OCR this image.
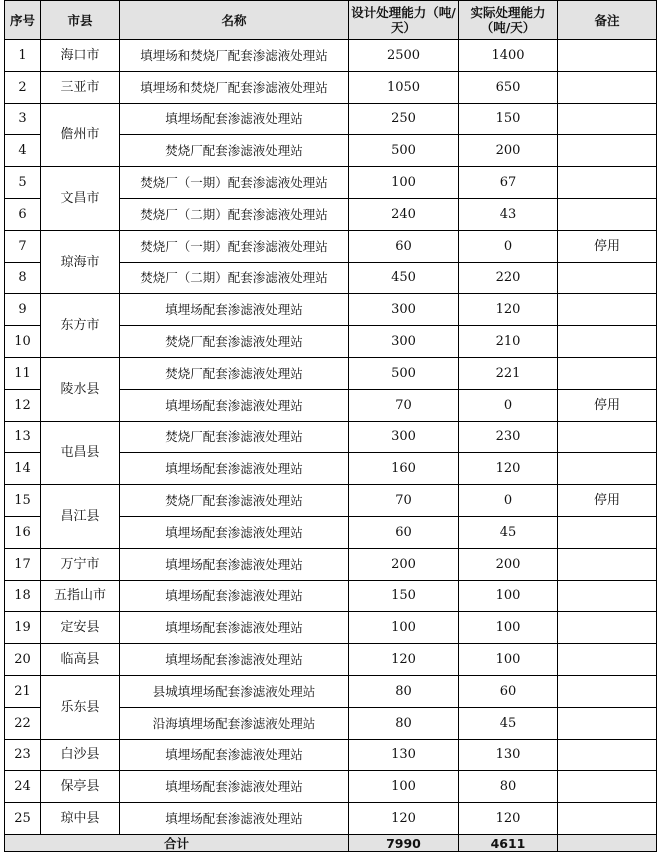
序号	市县	名称	设计处理能力（吨/天）	实际处理能力（吨/天）	备注
1	海口市	填埋场和焚烧厂配套渗滤液处理站	2500	1400	
2	三亚市	填埋场和焚烧厂配套渗滤液处理站	1050	650	
3	儋州市	填埋场配套渗滤液处理站	250	150	
4		焚烧厂配套渗滤液处理站	500	200	
5	文昌市	焚烧厂（一期）配套渗滤液处理站	100	67	
6		焚烧厂（二期）配套渗滤液处理站	240	43	
7	琼海市	焚烧厂（一期）配套渗滤液处理站	60	0	停用
8		焚烧厂（二期）配套渗滤液处理站	450	220	
9	东方市	填埋场配套渗滤液处理站	300	120	
10		焚烧厂配套渗滤液处理站	300	210	
11	陵水县	焚烧厂配套渗滤液处理站	500	221	
12		填埋场配套渗滤液处理站	70	0	停用
13	屯昌县	焚烧厂配套渗滤液处理站	300	230	
14		填埋场配套渗滤液处理站	160	120	
15	昌江县	焚烧厂配套渗滤液处理站	70	0	停用
16		填埋场配套渗滤液处理站	60	45	
17	万宁市	填埋场配套渗滤液处理站	200	200	
18	五指山市	填埋场配套渗滤液处理站	150	100	
19	定安县	填埋场配套渗滤液处理站	100	100	
20	临高县	填埋场配套渗滤液处理站	120	100	
21	乐东县	县城填埋场配套渗滤液处理站	80	60	
22		沿海填埋场配套渗滤液处理站	80	45	
23	白沙县	填埋场配套渗滤液处理站	130	130	
24	保亭县	填埋场配套渗滤液处理站	100	80	
25	琼中县	填埋场配套渗滤液处理站	120	120	
合计			7990	4611	
